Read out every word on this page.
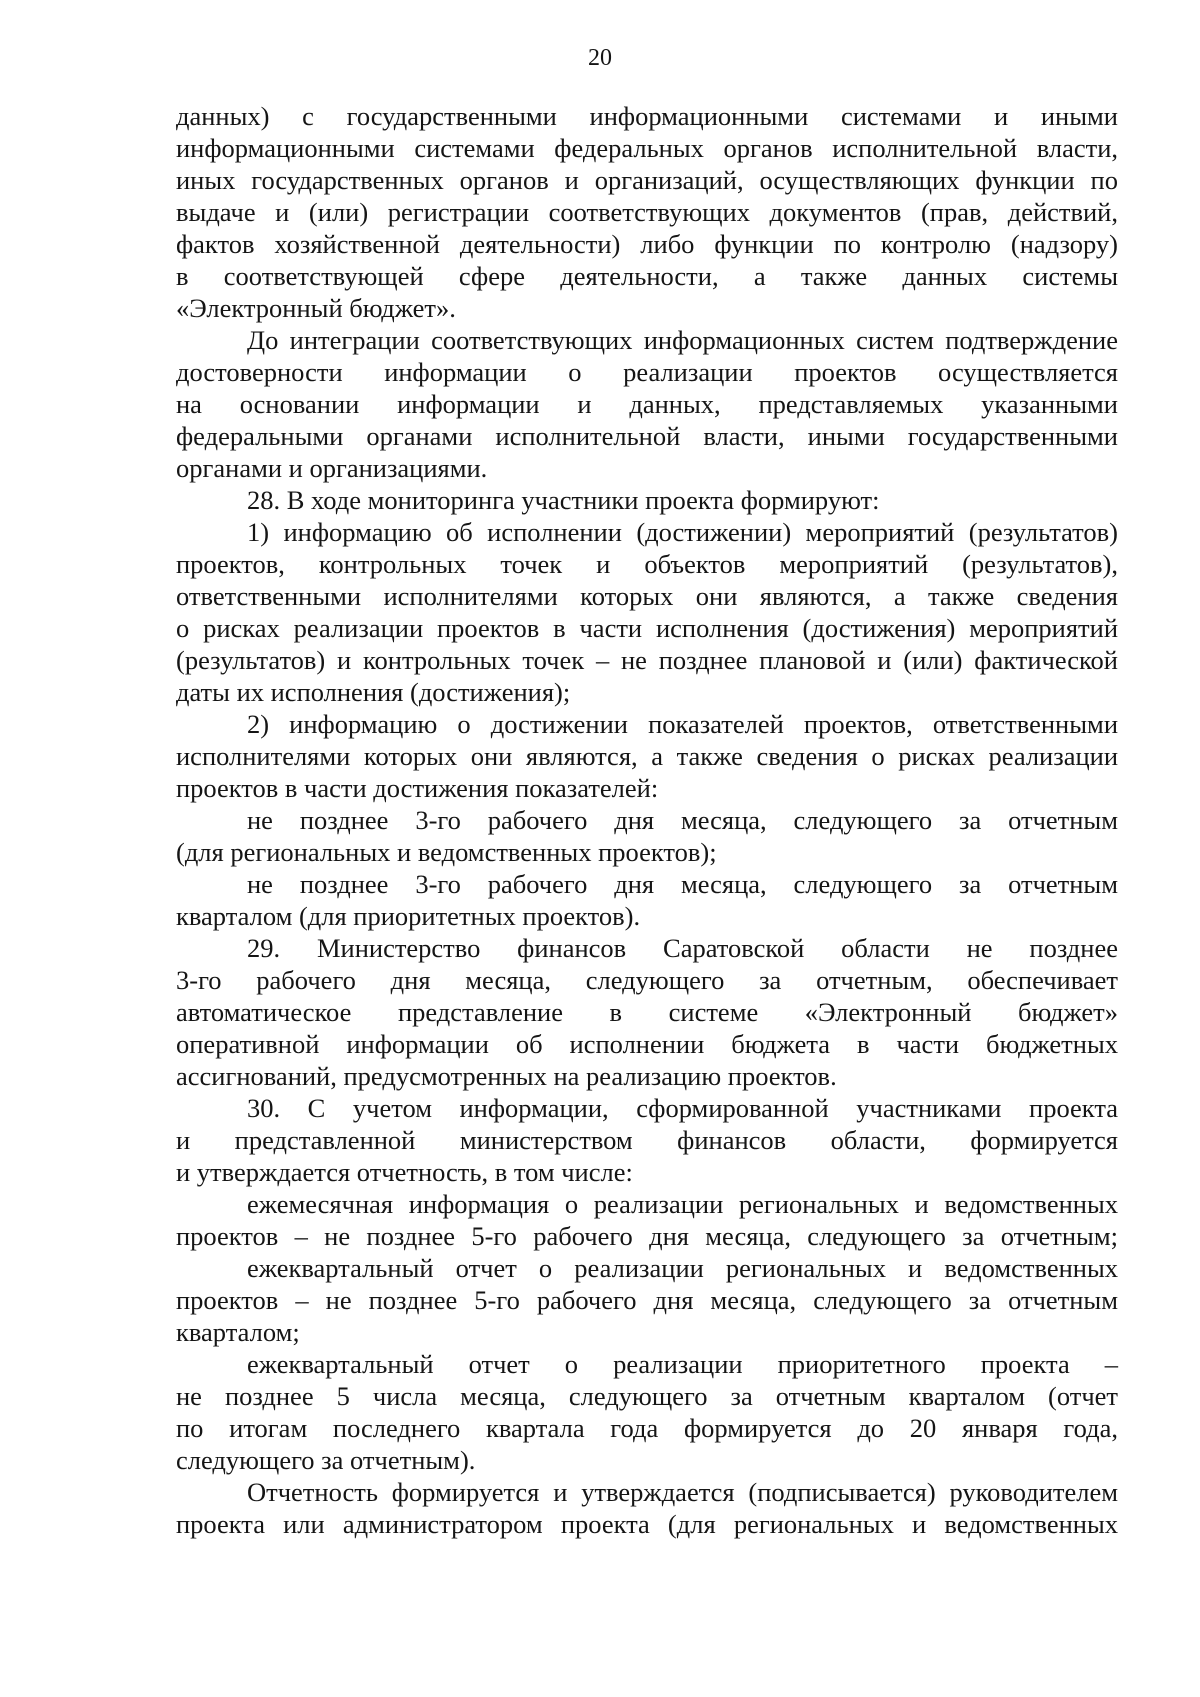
20
данных) с государственными информационными системами и иными
информационными системами федеральных органов исполнительной власти,
иных государственных органов и организаций, осуществляющих функции по
выдаче и (или) регистрации соответствующих документов (прав, действий,
фактов хозяйственной деятельности) либо функции по контролю (надзору)
в соответствующей сфере деятельности, а также данных системы
«Электронный бюджет».
До интеграции соответствующих информационных систем подтверждение
достоверности информации о реализации проектов осуществляется
на основании информации и данных, представляемых указанными
федеральными органами исполнительной власти, иными государственными
органами и организациями.
28. В ходе мониторинга участники проекта формируют:
1) информацию об исполнении (достижении) мероприятий (результатов)
проектов, контрольных точек и объектов мероприятий (результатов),
ответственными исполнителями которых они являются, а также сведения
о рисках реализации проектов в части исполнения (достижения) мероприятий
(результатов) и контрольных точек – не позднее плановой и (или) фактической
даты их исполнения (достижения);
2) информацию о достижении показателей проектов, ответственными
исполнителями которых они являются, а также сведения о рисках реализации
проектов в части достижения показателей:
не позднее 3-го рабочего дня месяца, следующего за отчетным
(для региональных и ведомственных проектов);
не позднее 3-го рабочего дня месяца, следующего за отчетным
кварталом (для приоритетных проектов).
29. Министерство финансов Саратовской области не позднее
3-го рабочего дня месяца, следующего за отчетным, обеспечивает
автоматическое представление в системе «Электронный бюджет»
оперативной информации об исполнении бюджета в части бюджетных
ассигнований, предусмотренных на реализацию проектов.
30. С учетом информации, сформированной участниками проекта
и представленной министерством финансов области, формируется
и утверждается отчетность, в том числе:
ежемесячная информация о реализации региональных и ведомственных
проектов – не позднее 5-го рабочего дня месяца, следующего за отчетным;
ежеквартальный отчет о реализации региональных и ведомственных
проектов – не позднее 5-го рабочего дня месяца, следующего за отчетным
кварталом;
ежеквартальный отчет о реализации приоритетного проекта –
не позднее 5 числа месяца, следующего за отчетным кварталом (отчет
по итогам последнего квартала года формируется до 20 января года,
следующего за отчетным).
Отчетность формируется и утверждается (подписывается) руководителем
проекта или администратором проекта (для региональных и ведомственных
